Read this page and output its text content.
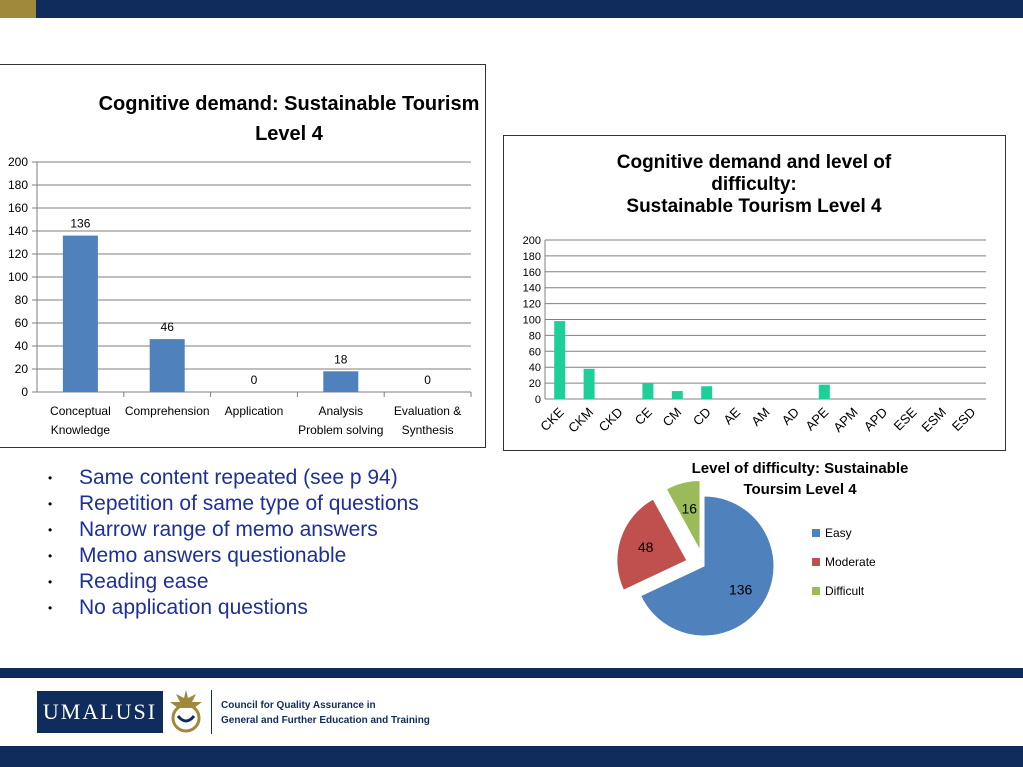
Cognitive demand: Sustainable Tourism
Level 4
0
20
40
60
80
100
120
140
160
180
200
136
Conceptual
Knowledge
46
Comprehension
0
Application
18
Analysis
Problem solving
0
Evaluation &
Synthesis
Cognitive demand and level of
difficulty:
Sustainable Tourism Level 4
0
20
40
60
80
100
120
140
160
180
200
CKE
CKM CKD CE CM CD AE AM AD APE
APM APD ESE
ESM ESD
Level of difficulty: Sustainable
Toursim Level 4
136
Easy
48
Moderate
16
Difficult
• Same content repeated (see p 94)
• Repetition of same type of questions
• Narrow range of memo answers
• Memo answers questionable
• Reading ease
• No application questions
UMALUSI	Council for Quality Assurance in
General and Further Education and Training
